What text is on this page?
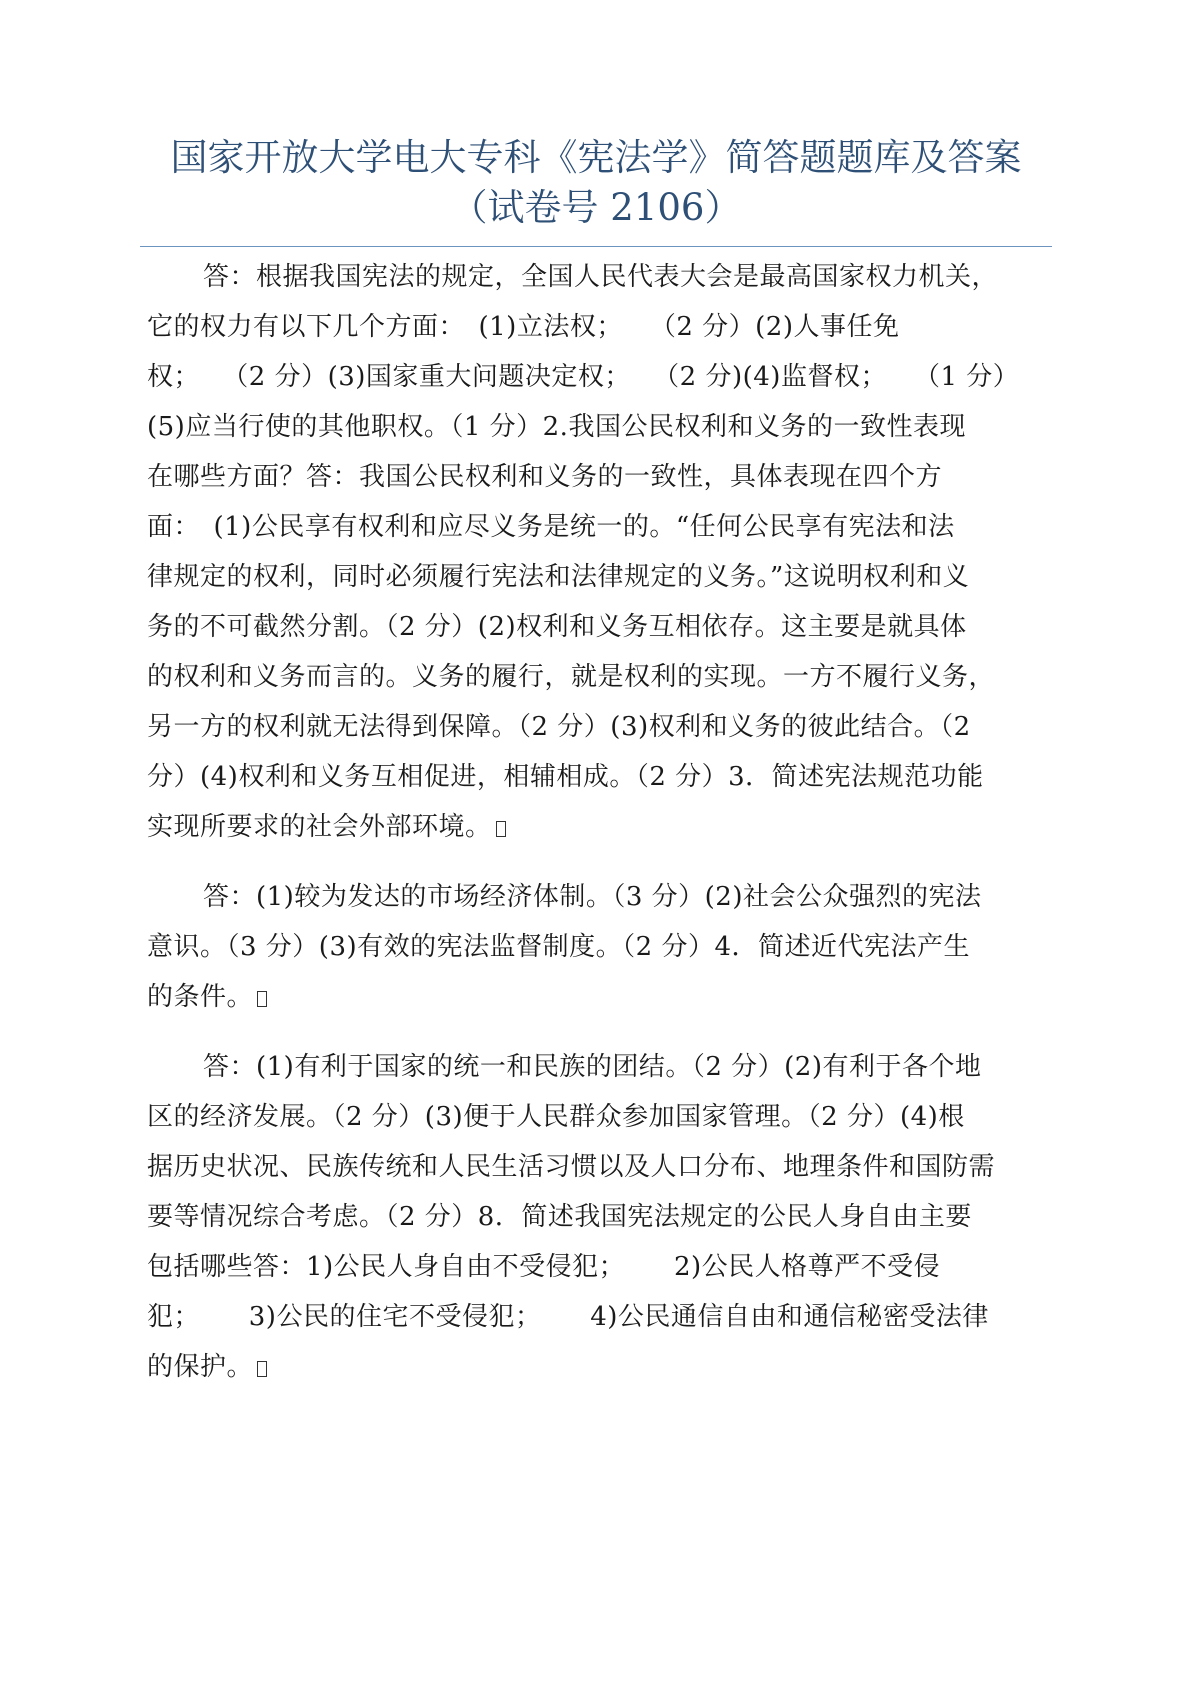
国家开放大学电大专科《宪法学》简答题题库及答案
（试卷号 2106）

答：根据我国宪法的规定，全国人民代表大会是最高国家权力机关，

它的权力有以下几个方面：　(1)立法权；　　（2 分）(2)人事任免

权；　 （2 分）(3)国家重大问题决定权；　 （2 分)(4)监督权；　　（1 分）

(5)应当行使的其他职权。（1 分）2.我国公民权利和义务的一致性表现

在哪些方面？答：我国公民权利和义务的一致性，具体表现在四个方

面：　(1)公民享有权利和应尽义务是统一的。“任何公民享有宪法和法

律规定的权利，同时必须履行宪法和法律规定的义务。”这说明权利和义

务的不可截然分割。（2 分）(2)权利和义务互相依存。这主要是就具体

的权利和义务而言的。义务的履行，就是权利的实现。一方不履行义务，

另一方的权利就无法得到保障。（2 分）(3)权利和义务的彼此结合。（2

分）(4)权利和义务互相促进，相辅相成。（2 分）3．简述宪法规范功能

实现所要求的社会外部环境。

答：(1)较为发达的市场经济体制。（3 分）(2)社会公众强烈的宪法

意识。（3 分）(3)有效的宪法监督制度。（2 分）4．简述近代宪法产生

的条件。

答：(1)有利于国家的统一和民族的团结。（2 分）(2)有利于各个地

区的经济发展。（2 分）(3)便于人民群众参加国家管理。（2 分）(4)根

据历史状况、民族传统和人民生活习惯以及人口分布、地理条件和国防需

要等情况综合考虑。（2 分）8．简述我国宪法规定的公民人身自由主要

包括哪些答：1)公民人身自由不受侵犯；　　 2)公民人格尊严不受侵

犯；　　 3)公民的住宅不受侵犯；　　 4)公民通信自由和通信秘密受法律

的保护。
